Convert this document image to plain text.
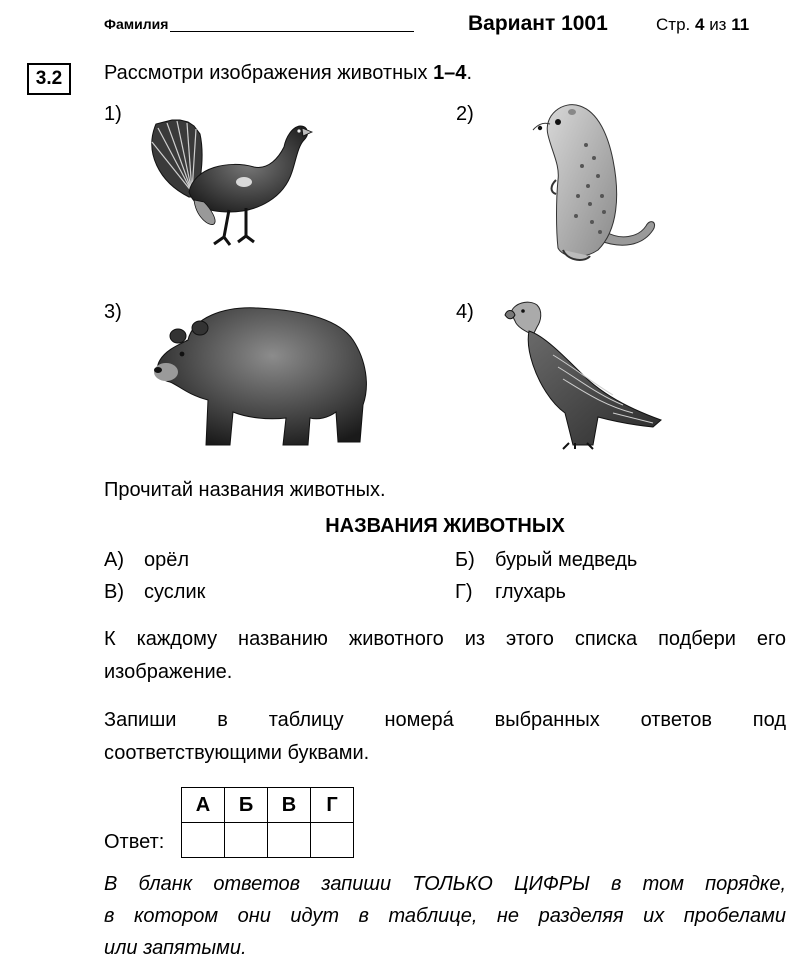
Фамилия	Вариант 1001	Стр. 4 из 11
3.2	Рассмотри изображения животных 1–4.
1)	2)
3)	4)
Прочитай названия животных.
НАЗВАНИЯ ЖИВОТНЫХ
А) орёл	Б) бурый медведь
В) суслик	Г) глухарь
К каждому названию животного из этого списка подбери его
изображение.
Запиши в таблицу номерá выбранных ответов под
соответствующими буквами.
Ответ:
А	Б	В	Г

В бланк ответов запиши ТОЛЬКО ЦИФРЫ в том порядке,
в котором они идут в таблице, не разделяя их пробелами
или запятыми.
